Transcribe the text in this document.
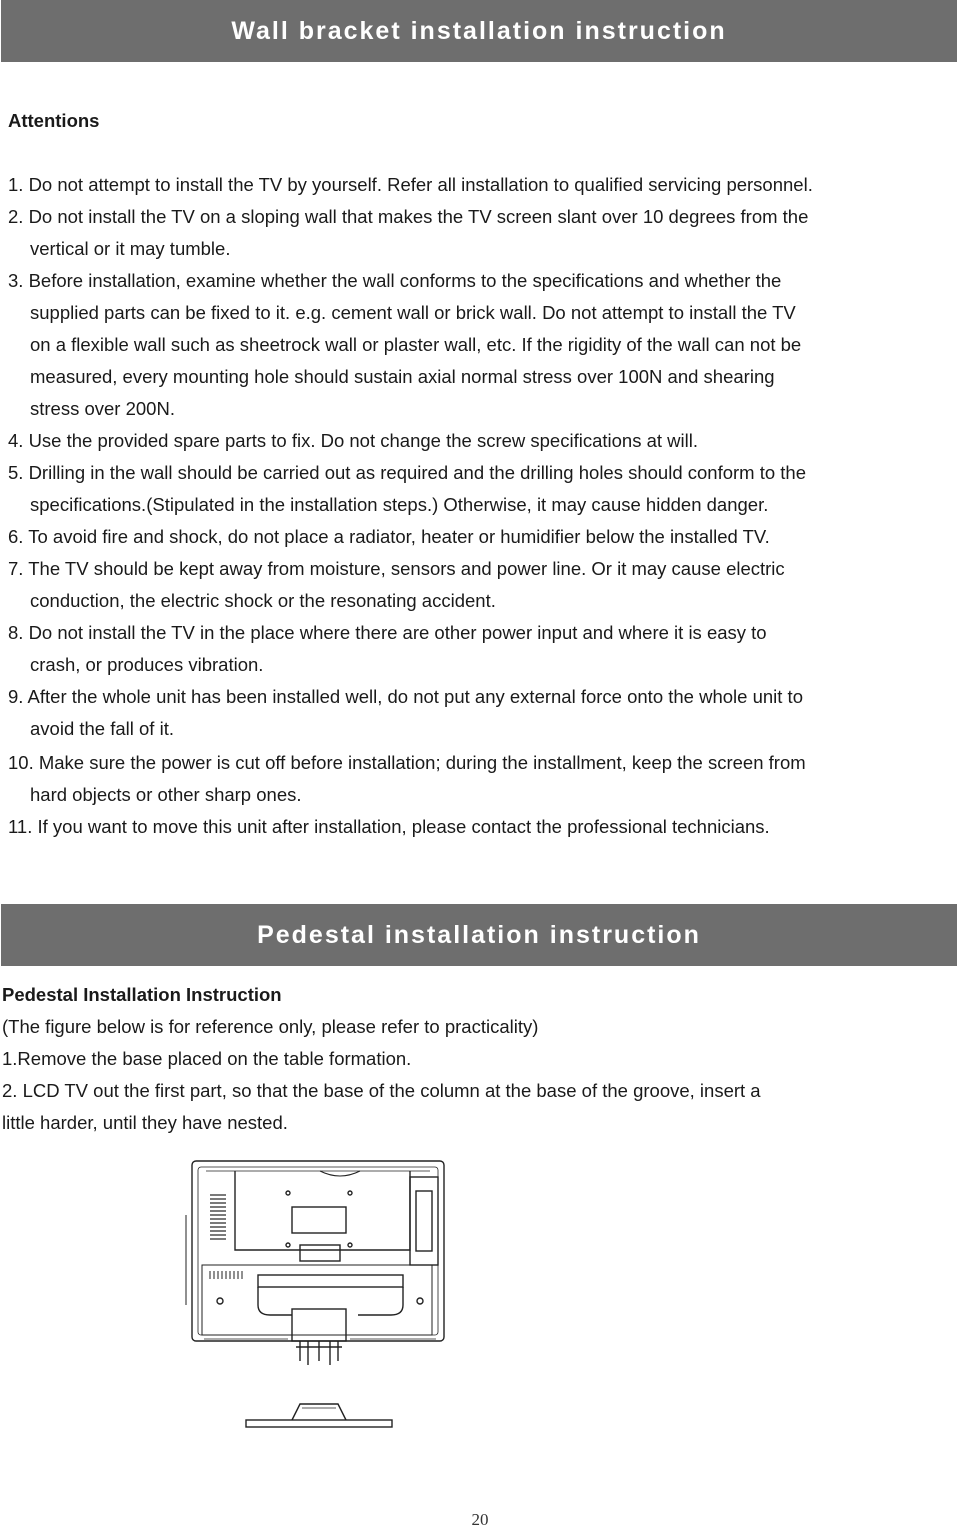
Wall bracket installation instruction
Attentions
1. Do not attempt to install the TV by yourself. Refer all installation to qualified servicing personnel.
2. Do not install the TV on a sloping wall that makes the TV screen slant over 10 degrees from the
vertical or it may tumble.
3. Before installation, examine whether the wall conforms to the specifications and whether the
supplied parts can be fixed to it. e.g. cement wall or brick wall. Do not attempt to install the TV
on a flexible wall such as sheetrock wall or plaster wall, etc. If the rigidity of the wall can not be
measured, every mounting hole should sustain axial normal stress over 100N and shearing
stress over 200N.
4. Use the provided spare parts to fix. Do not change the screw specifications at will.
5. Drilling in the wall should be carried out as required and the drilling holes should conform to the
specifications.(Stipulated in the installation steps.) Otherwise, it may cause hidden danger.
6. To avoid fire and shock, do not place a radiator, heater or humidifier below the installed TV.
7. The TV should be kept away from moisture, sensors and power line. Or it may cause electric
conduction, the electric shock or the resonating accident.
8. Do not install the TV in the place where there are other power input and where it is easy to
crash, or produces vibration.
9. After the whole unit has been installed well, do not put any external force onto the whole unit to
avoid the fall of it.
10. Make sure the power is cut off before installation; during the installment, keep the screen from
hard objects or other sharp ones.
11. If you want to move this unit after installation, please contact the professional technicians.
Pedestal installation instruction
Pedestal Installation Instruction
(The figure below is for reference only, please refer to practicality)
1.Remove the base placed on the table formation.
2. LCD TV out the first part, so that the base of the column at the base of the groove, insert a
little harder, until they have nested.
20
